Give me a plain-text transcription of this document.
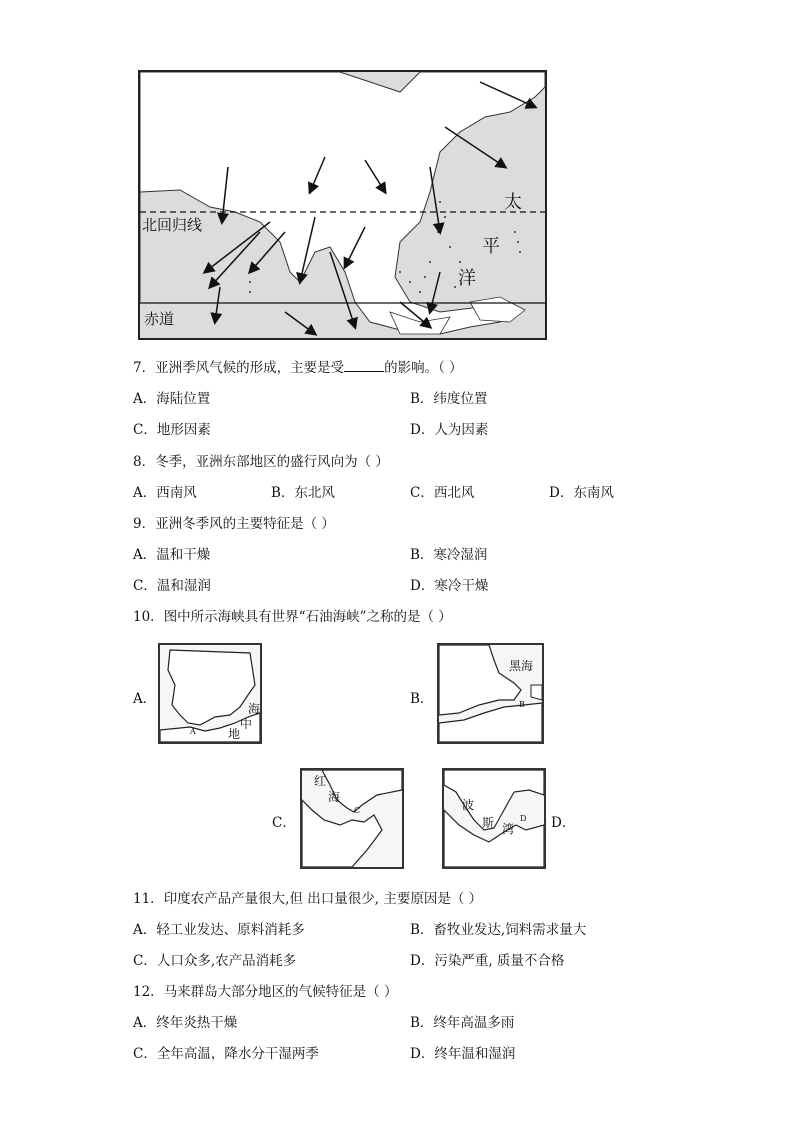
北回归线
赤道
太
平
洋
7．亚洲季风气候的形成，主要是受	的影响。（ ）
A．海陆位置	B．纬度位置
C．地形因素	D．人为因素
8．冬季，亚洲东部地区的盛行风向为（ ）
A．西南风	B．东北风	C．西北风	D．东南风
9．亚洲冬季风的主要特征是（ ）
A．温和干燥	B．寒冷湿润
C．温和湿润	D．寒冷干燥
10．图中所示海峡具有世界“石油海峡”之称的是（ ）
A．
海
中
地
A
B．
黑海
B
C．
红
海
C	波
斯 湾
D D．
11．印度农产品产量很大,但 出口量很少, 主要原因是（ ）
A．轻工业发达、原料消耗多	B．畜牧业发达,饲料需求量大
C．人口众多,农产品消耗多	D．污染严重, 质量不合格
12．马来群岛大部分地区的气候特征是（ ）
A．终年炎热干燥	B．终年高温多雨
C．全年高温，降水分干湿两季	D．终年温和湿润
